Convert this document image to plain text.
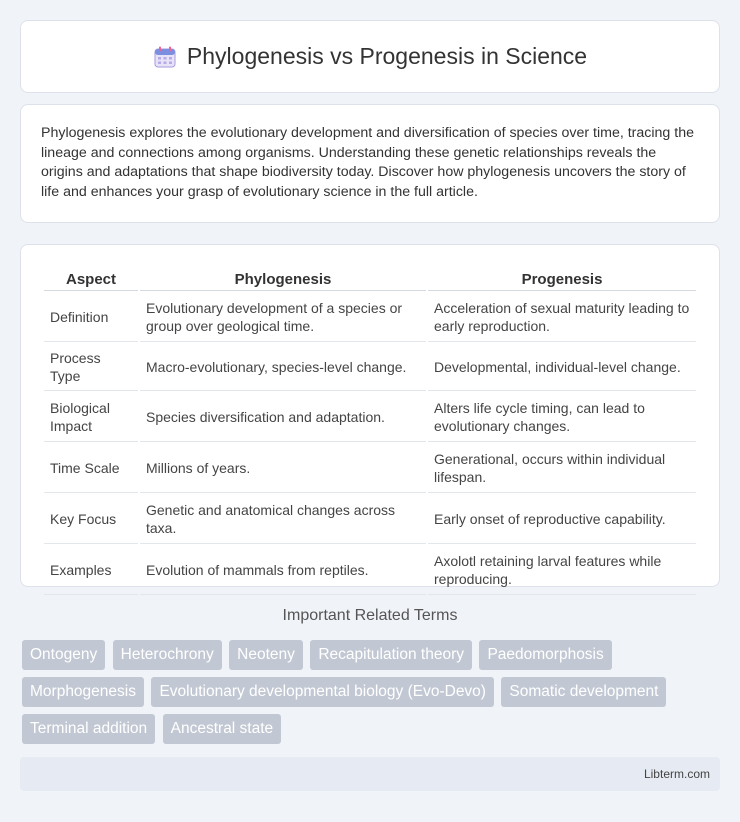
Phylogenesis vs Progenesis in Science

Phylogenesis explores the evolutionary development and diversification of species over time, tracing the lineage and connections among organisms. Understanding these genetic relationships reveals the origins and adaptations that shape biodiversity today. Discover how phylogenesis uncovers the story of life and enhances your grasp of evolutionary science in the full article.

Aspect	Phylogenesis	Progenesis
Definition	Evolutionary development of a species or group over geological time.	Acceleration of sexual maturity leading to early reproduction.
Process Type	Macro-evolutionary, species-level change.	Developmental, individual-level change.
Biological Impact	Species diversification and adaptation.	Alters life cycle timing, can lead to evolutionary changes.
Time Scale	Millions of years.	Generational, occurs within individual lifespan.
Key Focus	Genetic and anatomical changes across taxa.	Early onset of reproductive capability.
Examples	Evolution of mammals from reptiles.	Axolotl retaining larval features while reproducing.
Important Related Terms
Ontogeny Heterochrony Neoteny Recapitulation theory Paedomorphosis Morphogenesis Evolutionary developmental biology (Evo-Devo) Somatic development Terminal addition Ancestral state
Libterm.com
